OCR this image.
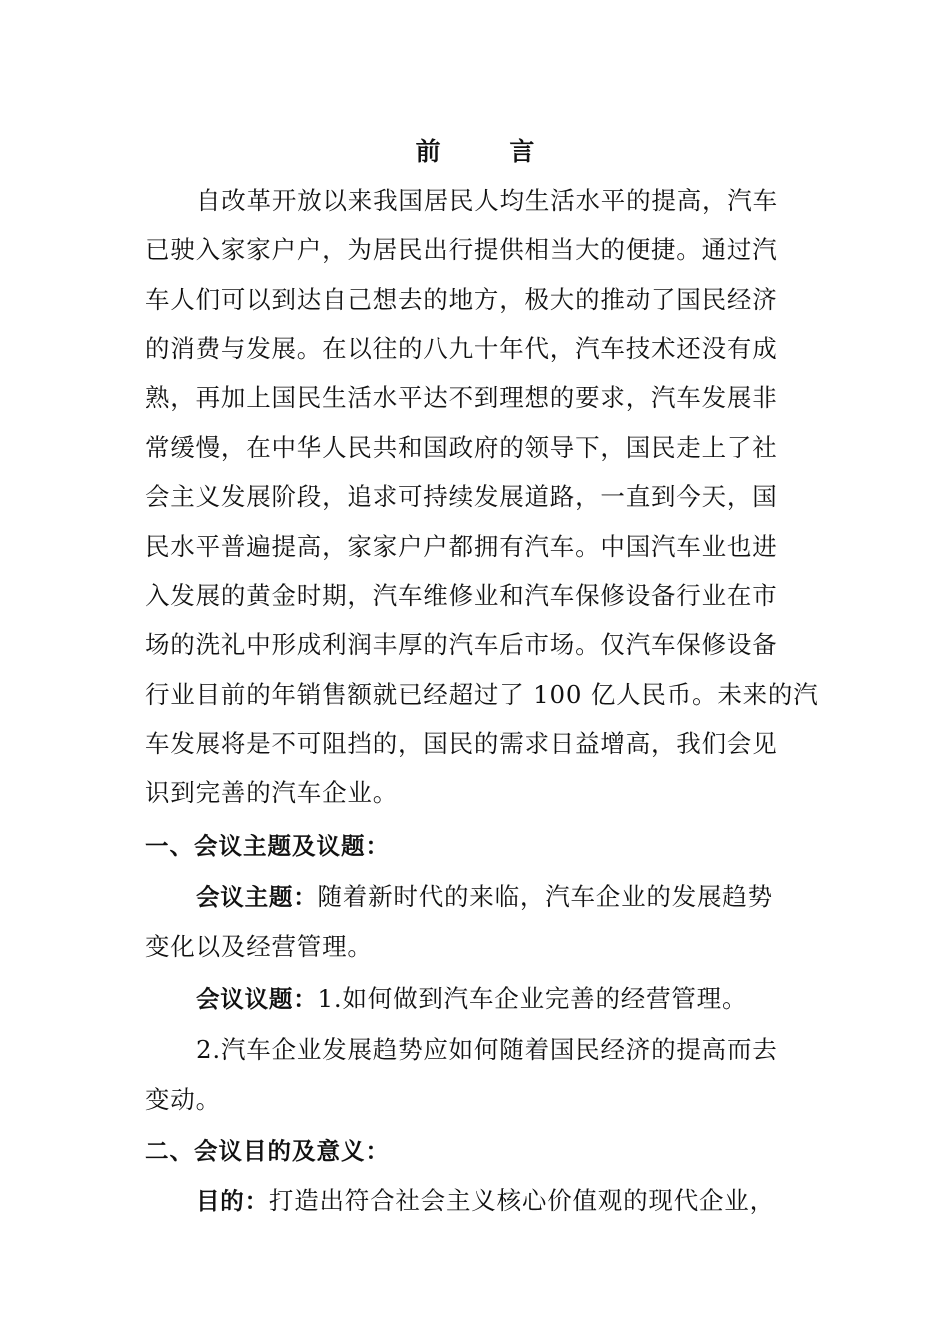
前 言
自改革开放以来我国居民人均生活水平的提高，汽车
已驶入家家户户，为居民出行提供相当大的便捷。通过汽
车人们可以到达自己想去的地方，极大的推动了国民经济
的消费与发展。在以往的八九十年代，汽车技术还没有成
熟，再加上国民生活水平达不到理想的要求，汽车发展非
常缓慢，在中华人民共和国政府的领导下，国民走上了社
会主义发展阶段，追求可持续发展道路，一直到今天，国
民水平普遍提高，家家户户都拥有汽车。中国汽车业也进
入发展的黄金时期，汽车维修业和汽车保修设备行业在市
场的洗礼中形成利润丰厚的汽车后市场。仅汽车保修设备
行业目前的年销售额就已经超过了 100 亿人民币。未来的汽
车发展将是不可阻挡的，国民的需求日益增高，我们会见
识到完善的汽车企业。
一、会议主题及议题：
会议主题：随着新时代的来临，汽车企业的发展趋势
变化以及经营管理。
会议议题：1.如何做到汽车企业完善的经营管理。
2.汽车企业发展趋势应如何随着国民经济的提高而去
变动。
二、会议目的及意义：
目的：打造出符合社会主义核心价值观的现代企业，
